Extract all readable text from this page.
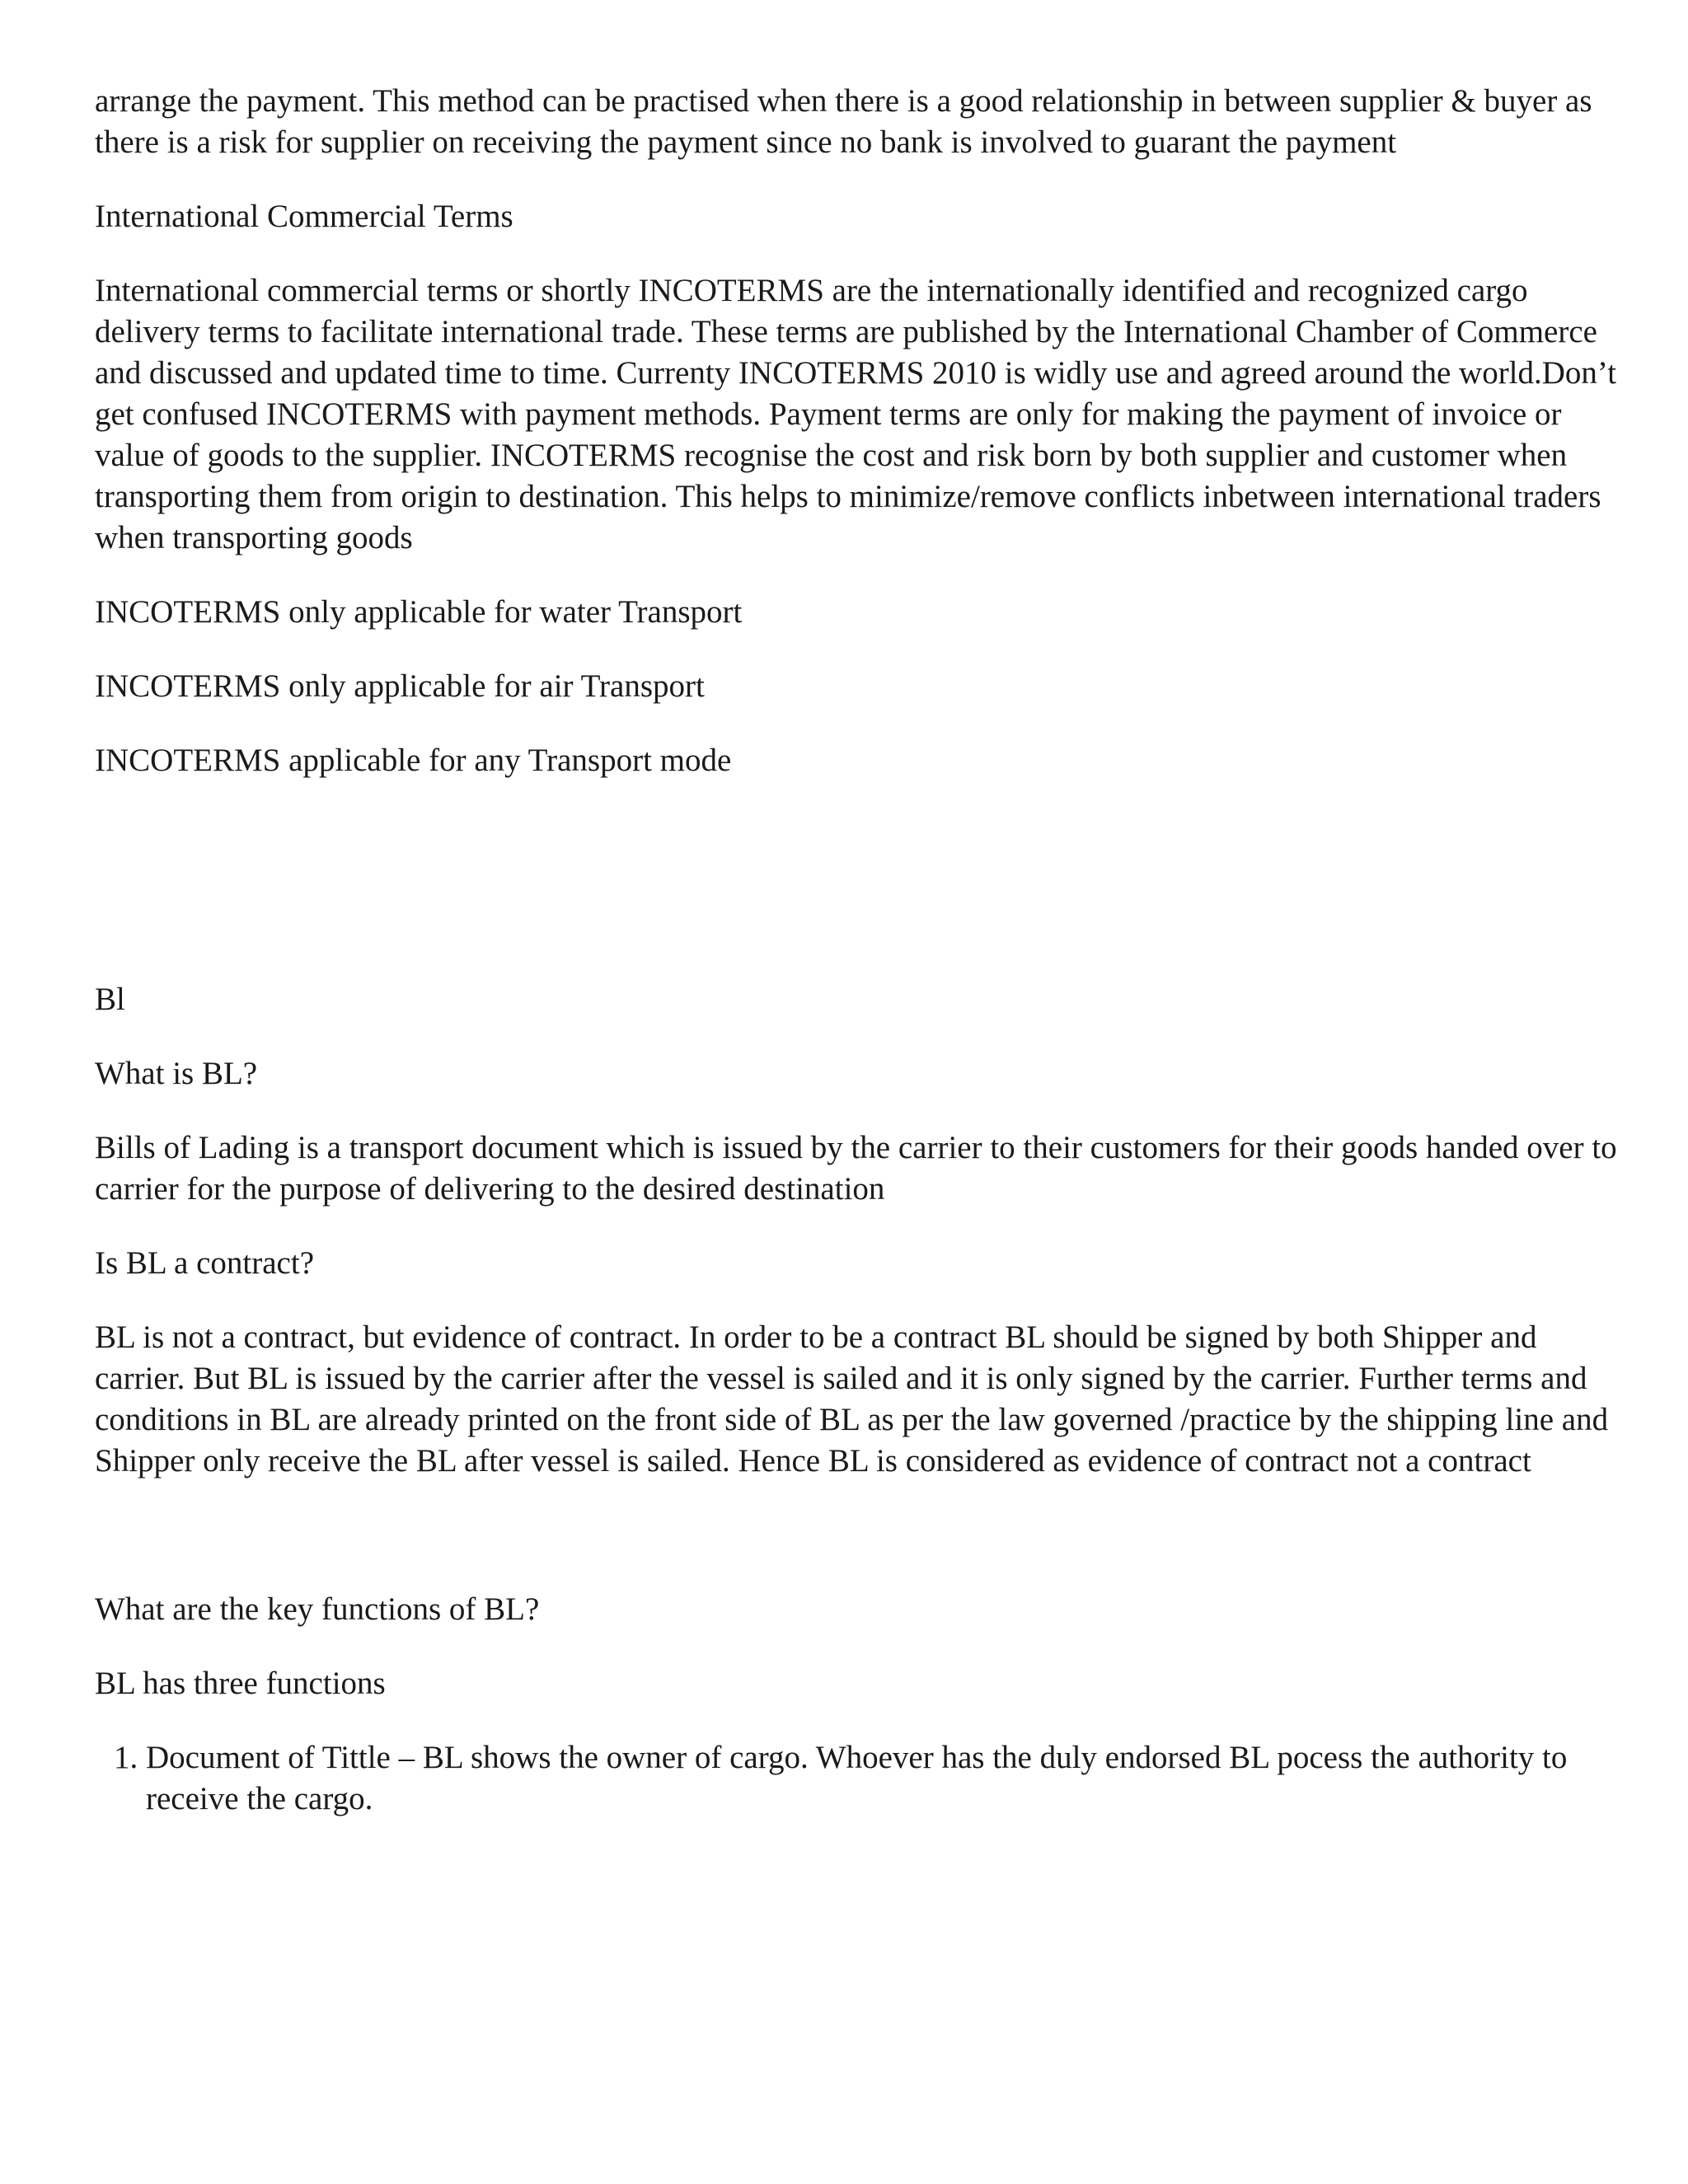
arrange the payment. This method can be practised when there is a good relationship in between supplier & buyer as there is a risk for supplier on receiving the payment since no bank is involved to guarant the payment

International Commercial Terms

International commercial terms or shortly INCOTERMS are the internationally identified and recognized cargo delivery terms to facilitate international trade. These terms are published by the International Chamber of Commerce and discussed and updated time to time. Currenty INCOTERMS 2010 is widly use and agreed around the world.Don’t get confused INCOTERMS with payment methods. Payment terms are only for making the payment of invoice or value of goods to the supplier. INCOTERMS recognise the cost and risk born by both supplier and customer when transporting them from origin to destination. This helps to minimize/remove conflicts inbetween international traders when transporting goods

INCOTERMS only applicable for water Transport

INCOTERMS only applicable for air Transport

INCOTERMS applicable for any Transport mode

Bl

What is BL?

Bills of Lading is a transport document which is issued by the carrier to their customers for their goods handed over to carrier for the purpose of delivering to the desired destination

Is BL a contract?

BL is not a contract, but evidence of contract. In order to be a contract BL should be signed by both Shipper and carrier. But BL is issued by the carrier after the vessel is sailed and it is only signed by the carrier. Further terms and conditions in BL are already printed on the front side of BL as per the law governed /practice by the shipping line and Shipper only receive the BL after vessel is sailed. Hence BL is considered as evidence of contract not a contract

What are the key functions of BL?

BL has three functions

1. Document of Tittle – BL shows the owner of cargo. Whoever has the duly endorsed BL pocess the authority to receive the cargo.
